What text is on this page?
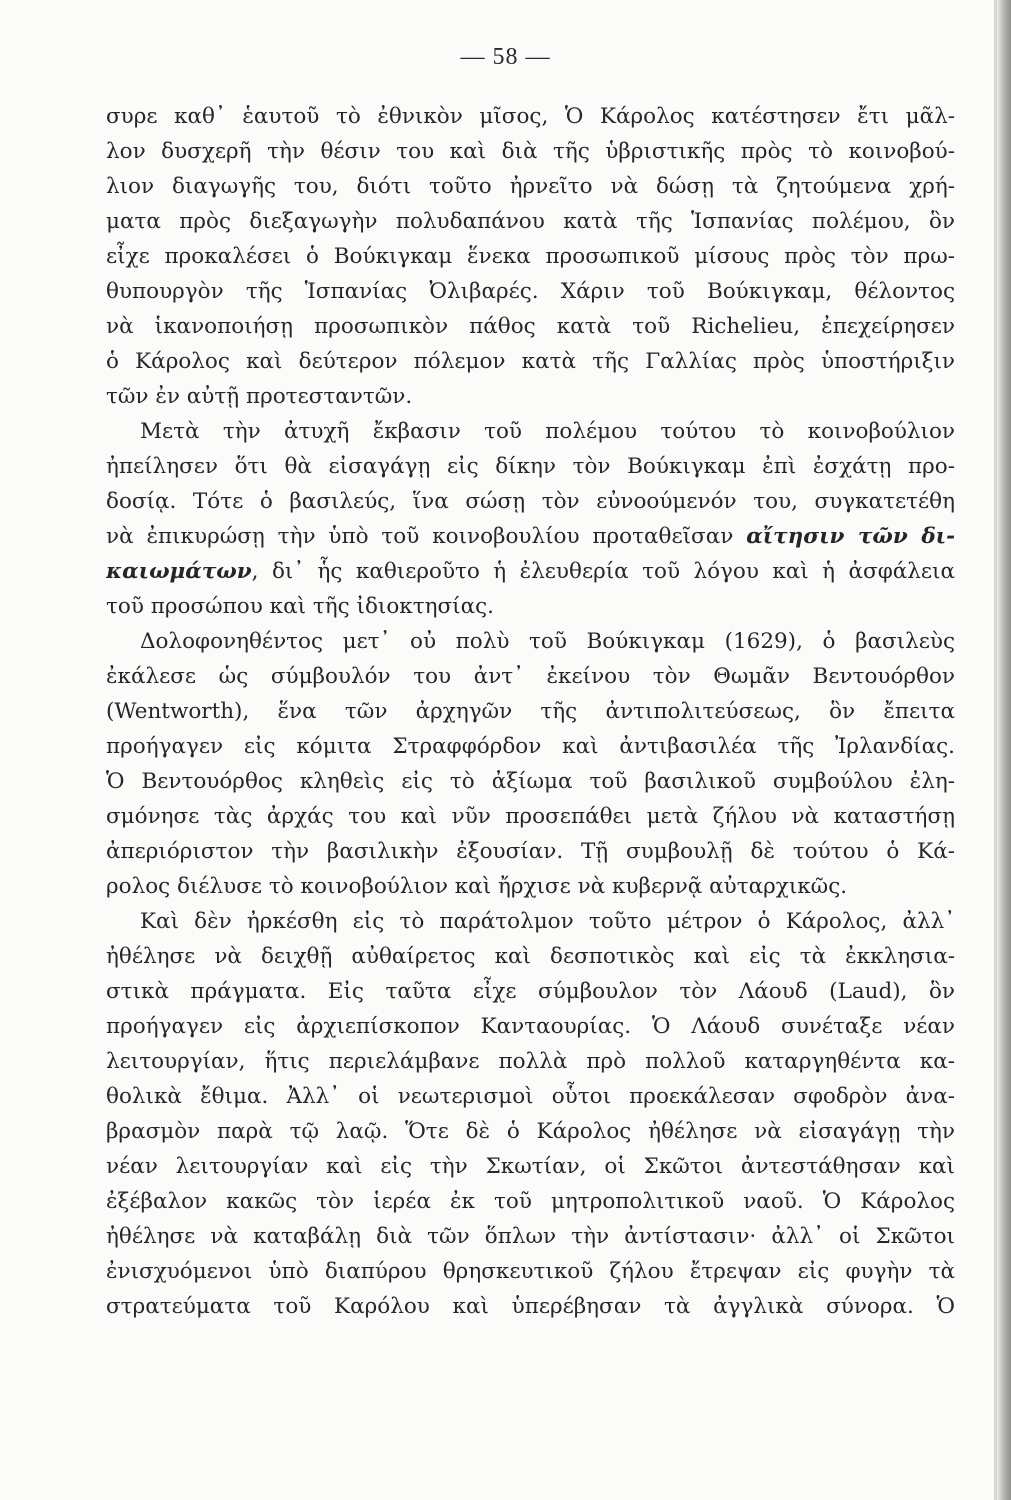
— 58 —
συρε καθ᾽ ἑαυτοῦ τὸ ἐθνικὸν μῖσος, Ὁ Κάρολος κατέστησεν ἔτι μᾶλ-
λον δυσχερῆ τὴν θέσιν του καὶ διὰ τῆς ὑβριστικῆς πρὸς τὸ κοινοβού-
λιον διαγωγῆς του, διότι τοῦτο ἠρνεῖτο νὰ δώσῃ τὰ ζητούμενα χρή-
ματα πρὸς διεξαγωγὴν πολυδαπάνου κατὰ τῆς Ἱσπανίας πολέμου, ὃν
εἶχε προκαλέσει ὁ Βούκιγκαμ ἕνεκα προσωπικοῦ μίσους πρὸς τὸν πρω-
θυπουργὸν τῆς Ἱσπανίας Ὀλιβαρές. Χάριν τοῦ Βούκιγκαμ, θέλοντος
νὰ ἱκανοποιήσῃ προσωπικὸν πάθος κατὰ τοῦ Richelieu, ἐπεχείρησεν
ὁ Κάρολος καὶ δεύτερον πόλεμον κατὰ τῆς Γαλλίας πρὸς ὑποστήριξιν
τῶν ἐν αὐτῇ προτεσταντῶν.
Μετὰ τὴν ἀτυχῆ ἔκβασιν τοῦ πολέμου τούτου τὸ κοινοβούλιον
ἠπείλησεν ὅτι θὰ εἰσαγάγῃ εἰς δίκην τὸν Βούκιγκαμ ἐπὶ ἐσχάτῃ προ-
δοσίᾳ. Τότε ὁ βασιλεύς, ἵνα σώσῃ τὸν εὐνοούμενόν του, συγκατετέθη
νὰ ἐπικυρώσῃ τὴν ὑπὸ τοῦ κοινοβουλίου προταθεῖσαν αἴτησιν τῶν δι-
καιωμάτων, δι᾽ ἧς καθιεροῦτο ἡ ἐλευθερία τοῦ λόγου καὶ ἡ ἀσφάλεια
τοῦ προσώπου καὶ τῆς ἰδιοκτησίας.
Δολοφονηθέντος μετ᾽ οὐ πολὺ τοῦ Βούκιγκαμ (1629), ὁ βασιλεὺς
ἐκάλεσε ὡς σύμβουλόν του ἀντ᾽ ἐκείνου τὸν Θωμᾶν Βεντουόρθον
(Wentworth), ἕνα τῶν ἀρχηγῶν τῆς ἀντιπολιτεύσεως, ὃν ἔπειτα
προήγαγεν εἰς κόμιτα Στραφφόρδον καὶ ἀντιβασιλέα τῆς Ἰρλανδίας.
Ὁ Βεντουόρθος κληθεὶς εἰς τὸ ἀξίωμα τοῦ βασιλικοῦ συμβούλου ἐλη-
σμόνησε τὰς ἀρχάς του καὶ νῦν προσεπάθει μετὰ ζήλου νὰ καταστήσῃ
ἀπεριόριστον τὴν βασιλικὴν ἐξουσίαν. Τῇ συμβουλῇ δὲ τούτου ὁ Κά-
ρολος διέλυσε τὸ κοινοβούλιον καὶ ἤρχισε νὰ κυβερνᾷ αὐταρχικῶς.
Καὶ δὲν ἠρκέσθη εἰς τὸ παράτολμον τοῦτο μέτρον ὁ Κάρολος, ἀλλ᾽
ἠθέλησε νὰ δειχθῇ αὐθαίρετος καὶ δεσποτικὸς καὶ εἰς τὰ ἐκκλησια-
στικὰ πράγματα. Εἰς ταῦτα εἶχε σύμβουλον τὸν Λάουδ (Laud), ὃν
προήγαγεν εἰς ἀρχιεπίσκοπον Κανταουρίας. Ὁ Λάουδ συνέταξε νέαν
λειτουργίαν, ἥτις περιελάμβανε πολλὰ πρὸ πολλοῦ καταργηθέντα κα-
θολικὰ ἔθιμα. Ἀλλ᾽ οἱ νεωτερισμοὶ οὗτοι προεκάλεσαν σφοδρὸν ἀνα-
βρασμὸν παρὰ τῷ λαῷ. Ὅτε δὲ ὁ Κάρολος ἠθέλησε νὰ εἰσαγάγῃ τὴν
νέαν λειτουργίαν καὶ εἰς τὴν Σκωτίαν, οἱ Σκῶτοι ἀντεστάθησαν καὶ
ἐξέβαλον κακῶς τὸν ἱερέα ἐκ τοῦ μητροπολιτικοῦ ναοῦ. Ὁ Κάρολος
ἠθέλησε νὰ καταβάλῃ διὰ τῶν ὅπλων τὴν ἀντίστασιν· ἀλλ᾽ οἱ Σκῶτοι
ἐνισχυόμενοι ὑπὸ διαπύρου θρησκευτικοῦ ζήλου ἔτρεψαν εἰς φυγὴν τὰ
στρατεύματα τοῦ Καρόλου καὶ ὑπερέβησαν τὰ ἀγγλικὰ σύνορα. Ὁ
